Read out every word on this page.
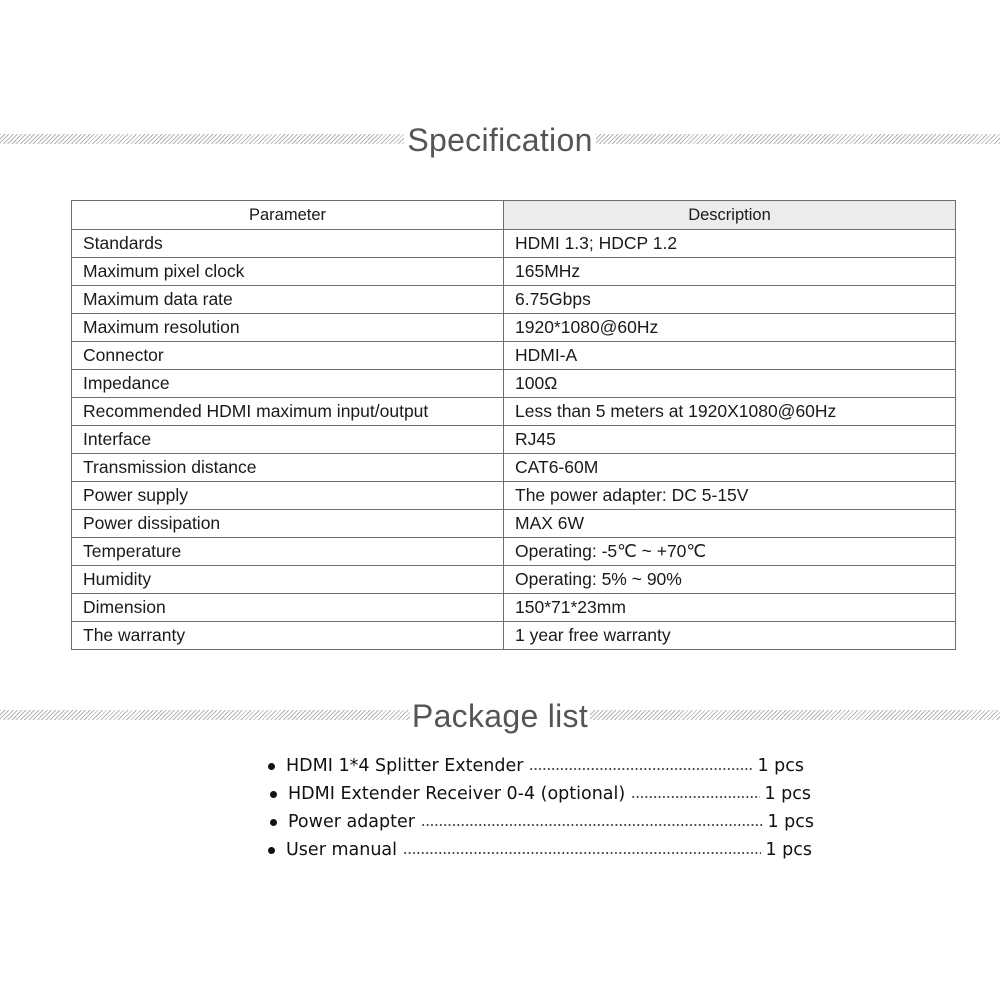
Specification
Parameter	Description
Standards	HDMI 1.3; HDCP 1.2
Maximum pixel clock	165MHz
Maximum data rate	6.75Gbps
Maximum resolution	1920*1080@60Hz
Connector	HDMI-A
Impedance	100Ω
Recommended HDMI maximum input/output	Less than 5 meters at 1920X1080@60Hz
Interface	RJ45
Transmission distance	CAT6-60M
Power supply	The power adapter: DC 5-15V
Power dissipation	MAX 6W
Temperature	Operating: -5℃ ~ +70℃
Humidity	Operating: 5% ~ 90%
Dimension	150*71*23mm
The warranty	1 year free warranty
Package list
HDMI 1*4 Splitter Extender	1 pcs
HDMI Extender Receiver 0-4 (optional)	1 pcs
Power adapter	1 pcs
User manual	1 pcs
